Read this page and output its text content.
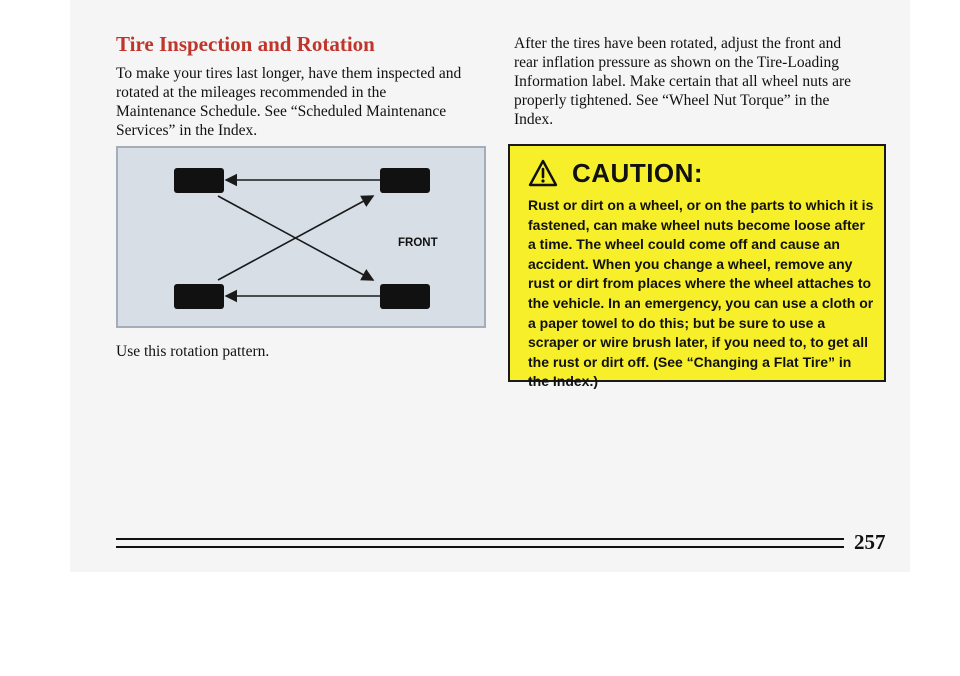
Tire Inspection and Rotation

To make your tires last longer, have them inspected and
rotated at the mileages recommended in the
Maintenance Schedule. See “Scheduled Maintenance
Services” in the Index.

FRONT

Use this rotation pattern.

After the tires have been rotated, adjust the front and
rear inflation pressure as shown on the Tire-Loading
Information label. Make certain that all wheel nuts are
properly tightened. See “Wheel Nut Torque” in the
Index.

CAUTION:

Rust or dirt on a wheel, or on the parts to which it is fastened, can make wheel nuts become loose after a time. The wheel could come off and cause an accident. When you change a wheel, remove any rust or dirt from places where the wheel attaches to the vehicle. In an emergency, you can use a cloth or a paper towel to do this; but be sure to use a scraper or wire brush later, if you need to, to get all the rust or dirt off. (See “Changing a Flat Tire” in the Index.)

257
